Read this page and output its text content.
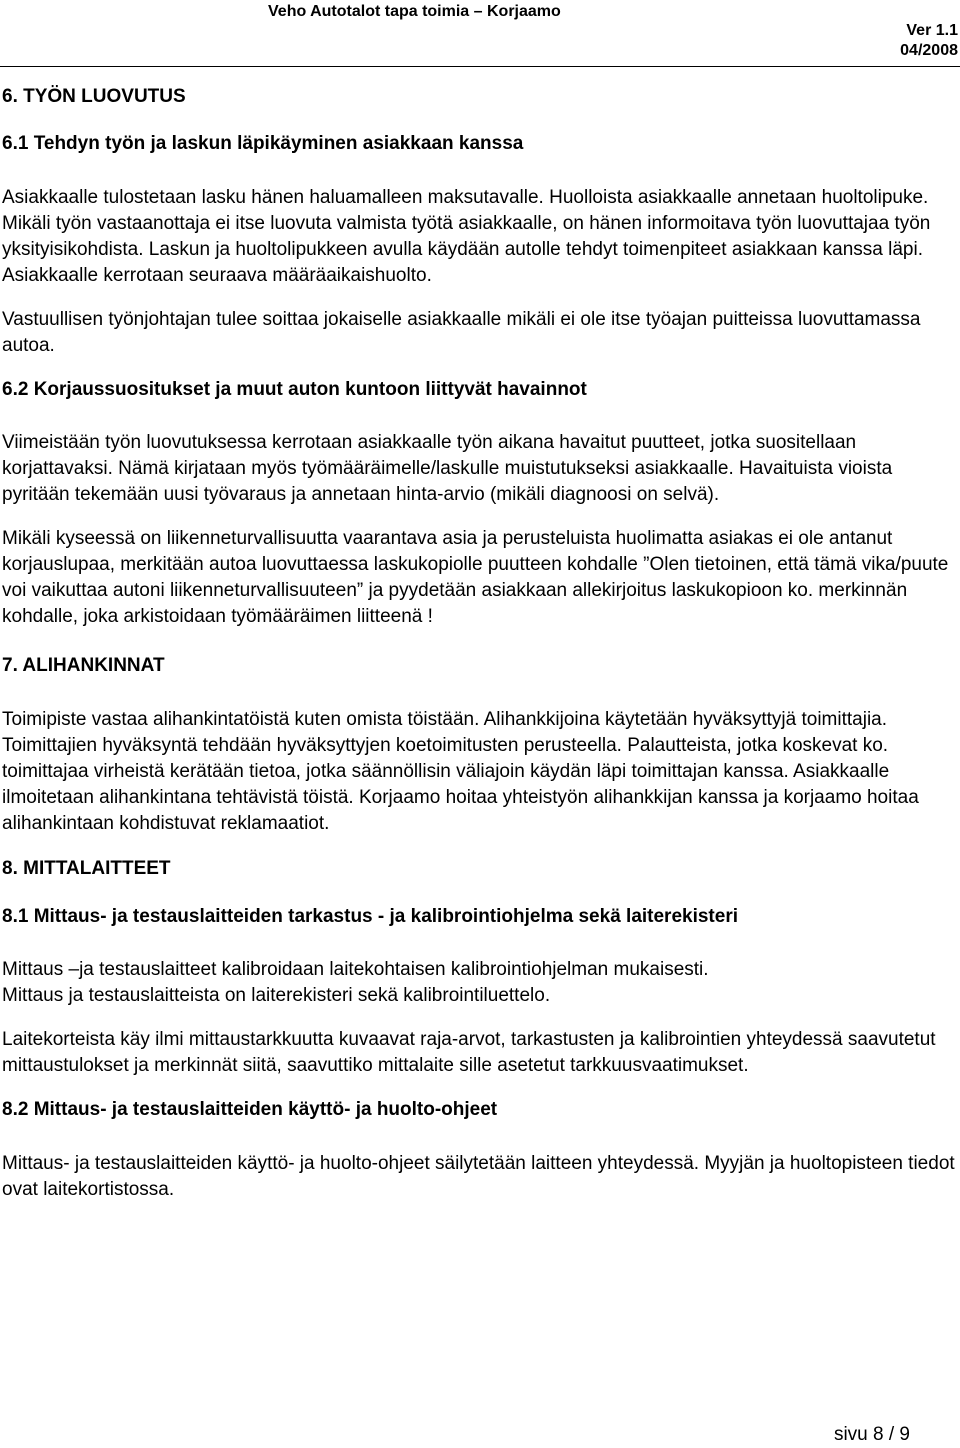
Veho Autotalot tapa toimia – Korjaamo
Ver 1.1
04/2008
6. TYÖN LUOVUTUS
6.1 Tehdyn työn ja laskun läpikäyminen asiakkaan kanssa
Asiakkaalle tulostetaan lasku hänen haluamalleen maksutavalle. Huolloista asiakkaalle annetaan huoltolipuke. Mikäli työn vastaanottaja ei itse luovuta valmista työtä asiakkaalle, on hänen informoitava työn luovuttajaa työn yksityisikohdista. Laskun ja huoltolipukkeen avulla käydään autolle tehdyt toimenpiteet asiakkaan kanssa läpi. Asiakkaalle kerrotaan seuraava määräaikaishuolto.
Vastuullisen työnjohtajan tulee soittaa jokaiselle asiakkaalle mikäli ei ole itse työajan puitteissa luovuttamassa autoa.
6.2 Korjaussuositukset ja muut auton kuntoon liittyvät havainnot
Viimeistään työn luovutuksessa kerrotaan asiakkaalle työn aikana havaitut puutteet, jotka suositellaan korjattavaksi. Nämä kirjataan myös työmääräimelle/laskulle muistutukseksi asiakkaalle. Havaituista vioista pyritään tekemään uusi työvaraus ja annetaan hinta-arvio (mikäli diagnoosi on selvä).
Mikäli kyseessä on liikenneturvallisuutta vaarantava asia ja perusteluista huolimatta asiakas ei ole antanut korjauslupaa, merkitään autoa luovuttaessa laskukopiolle puutteen kohdalle ”Olen tietoinen, että tämä vika/puute voi vaikuttaa autoni liikenneturvallisuuteen” ja pyydetään asiakkaan allekirjoitus laskukopioon ko. merkinnän kohdalle, joka arkistoidaan työmääräimen liitteenä !
7. ALIHANKINNAT
Toimipiste vastaa alihankintatöistä kuten omista töistään. Alihankkijoina käytetään hyväksyttyjä toimittajia. Toimittajien hyväksyntä tehdään hyväksyttyjen koetoimitusten perusteella. Palautteista, jotka koskevat ko. toimittajaa virheistä kerätään tietoa, jotka säännöllisin väliajoin käydän läpi toimittajan kanssa. Asiakkaalle ilmoitetaan alihankintana tehtävistä töistä. Korjaamo hoitaa yhteistyön alihankkijan kanssa ja korjaamo hoitaa alihankintaan kohdistuvat reklamaatiot.
8. MITTALAITTEET
8.1 Mittaus- ja testauslaitteiden tarkastus - ja kalibrointiohjelma sekä laiterekisteri
Mittaus –ja testauslaitteet kalibroidaan laitekohtaisen kalibrointiohjelman mukaisesti.
Mittaus ja testauslaitteista on laiterekisteri sekä kalibrointiluettelo.
Laitekorteista käy ilmi mittaustarkkuutta kuvaavat raja-arvot, tarkastusten ja kalibrointien yhteydessä saavutetut mittaustulokset ja merkinnät siitä, saavuttiko mittalaite sille asetetut tarkkuusvaatimukset.
8.2 Mittaus- ja testauslaitteiden käyttö- ja huolto-ohjeet
Mittaus- ja testauslaitteiden käyttö- ja huolto-ohjeet säilytetään laitteen yhteydessä. Myyjän ja huoltopisteen tiedot ovat laitekortistossa.
sivu 8 / 9
